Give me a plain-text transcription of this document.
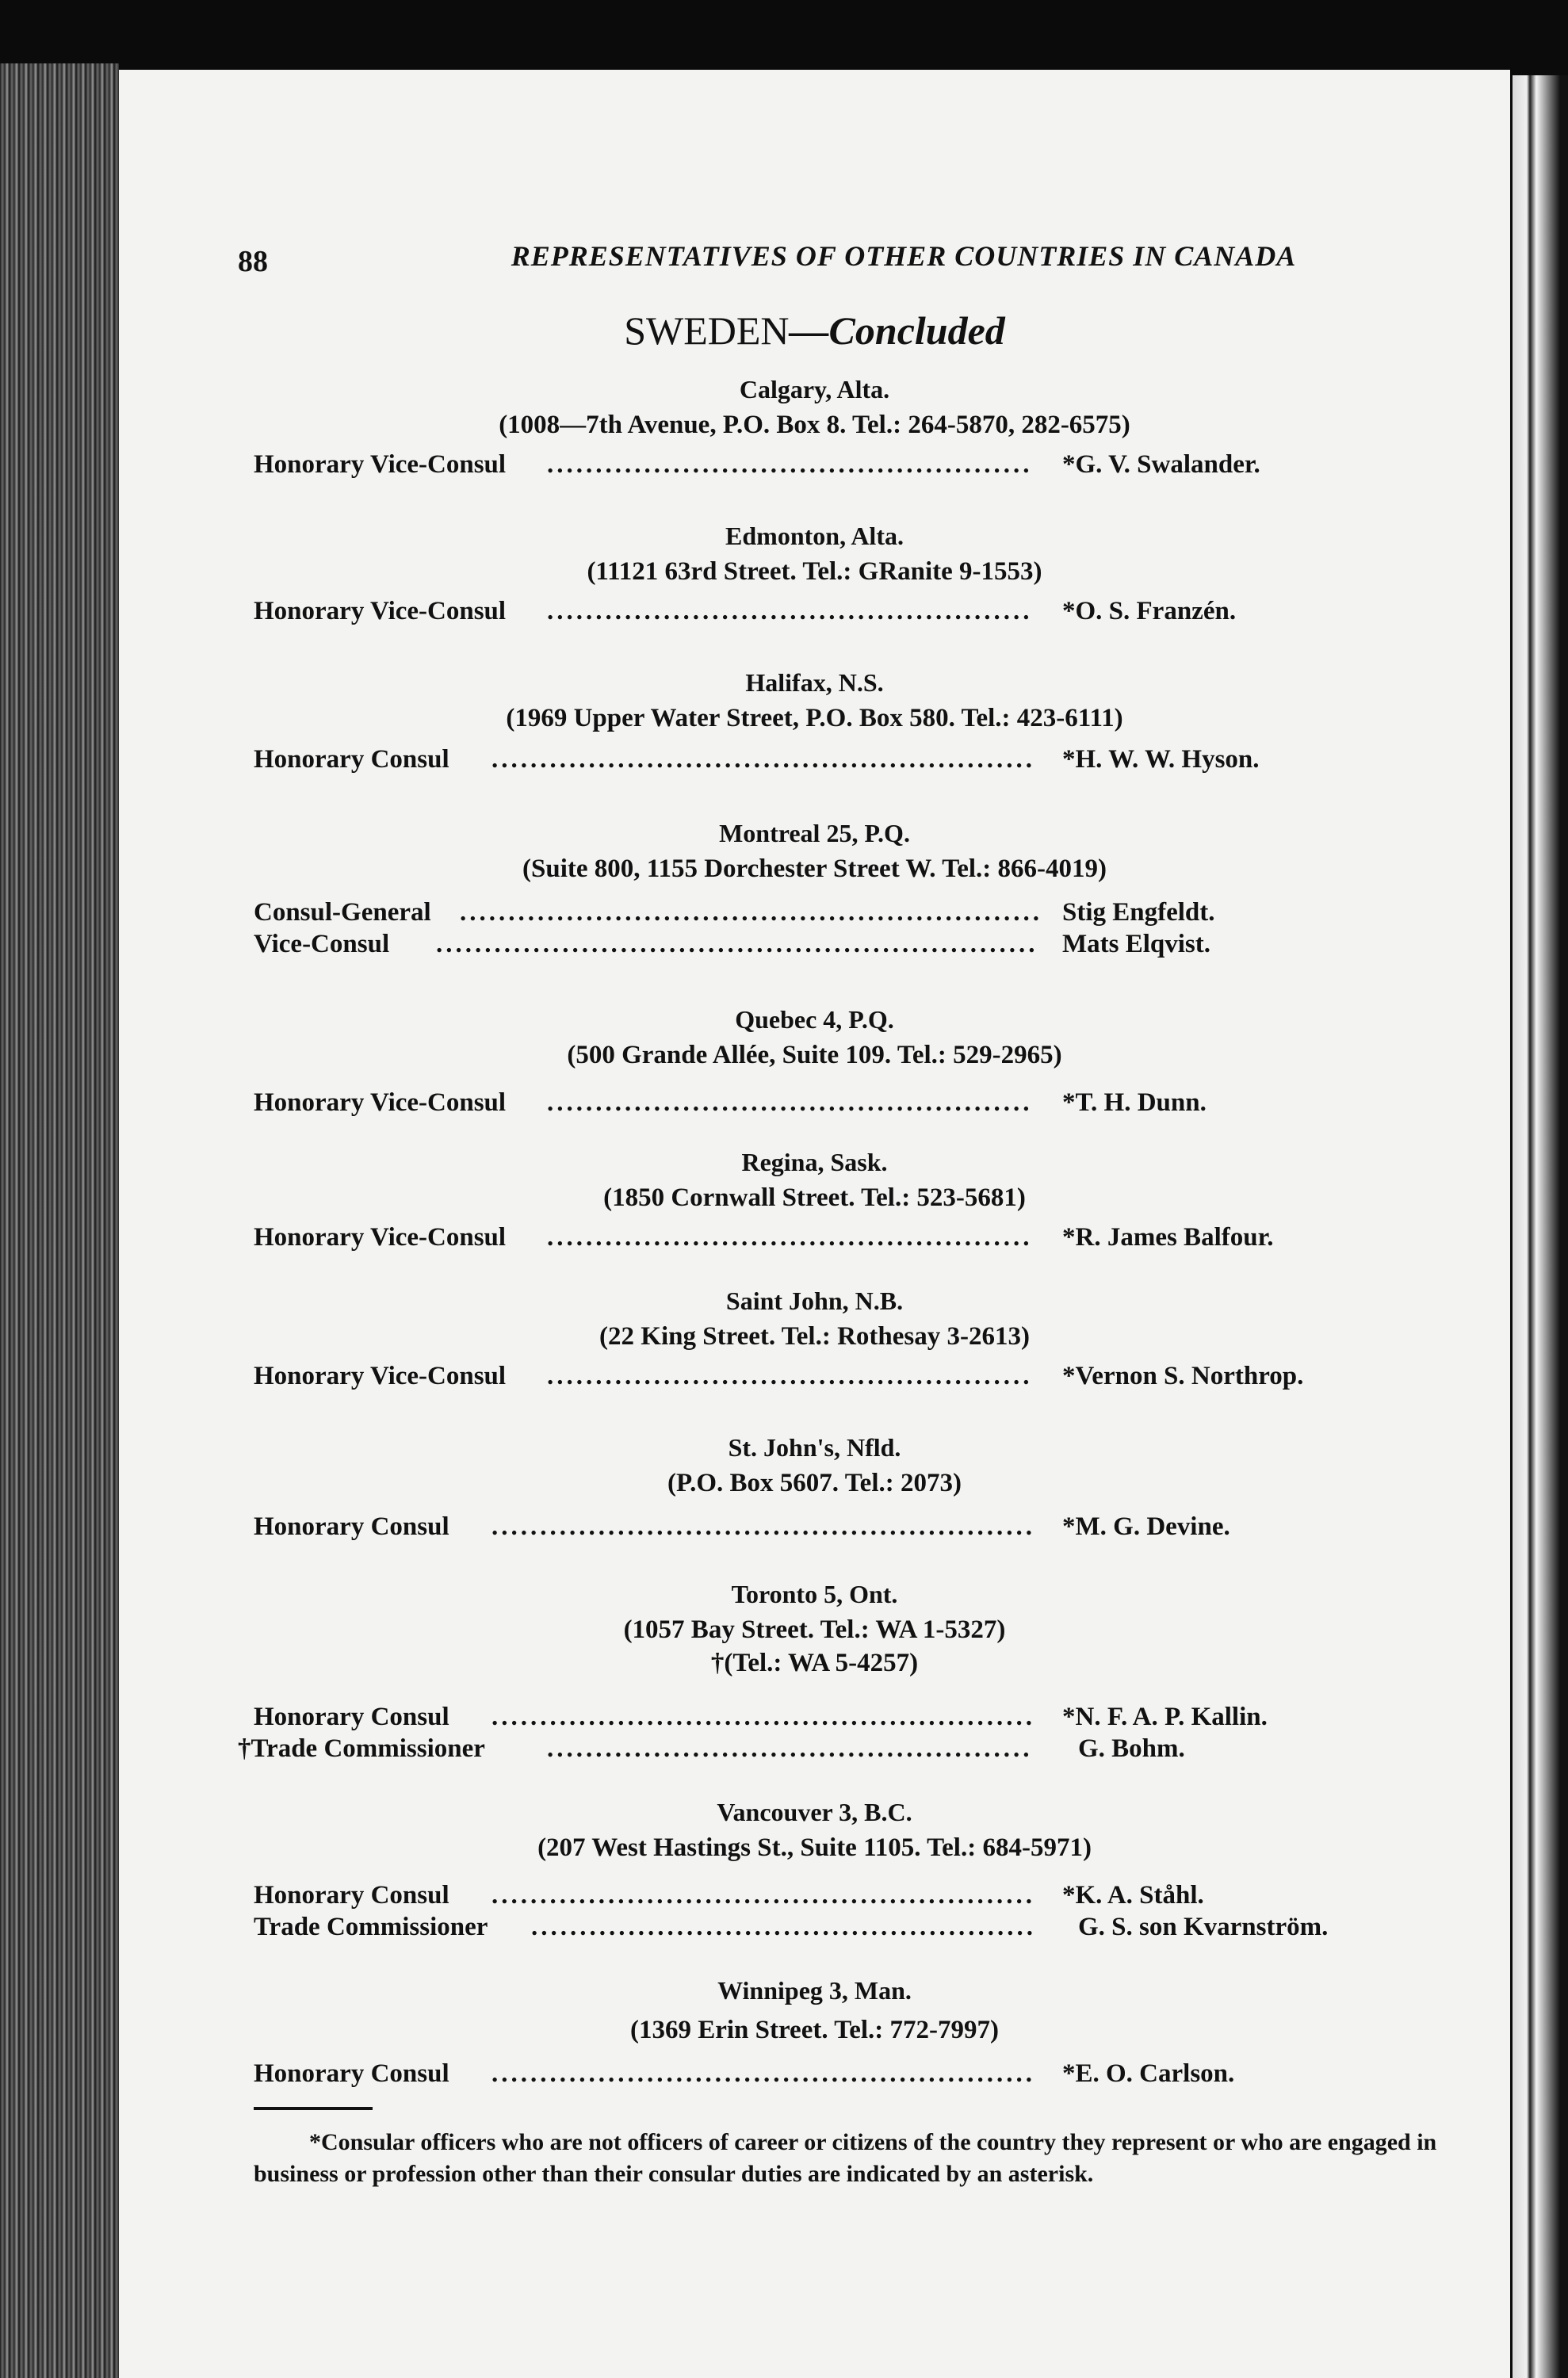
88	REPRESENTATIVES OF OTHER COUNTRIES IN CANADA
SWEDEN—Concluded
Calgary, Alta.
(1008—7th Avenue, P.O. Box 8. Tel.: 264-5870, 282-6575)
Honorary Vice-Consul ..................................................	*G. V. Swalander.
Edmonton, Alta.
(11121 63rd Street. Tel.: GRanite 9-1553)
Honorary Vice-Consul ..................................................	*O. S. Franzén.
Halifax, N.S.
(1969 Upper Water Street, P.O. Box 580. Tel.: 423-6111)
Honorary Consul ........................................................	*H. W. W. Hyson.
Montreal 25, P.Q.
(Suite 800, 1155 Dorchester Street W. Tel.: 866-4019)
Consul-General ............................................................ Stig Engfeldt.
Vice-Consul .............................................................. Mats Elqvist.
Quebec 4, P.Q.
(500 Grande Allée, Suite 109. Tel.: 529-2965)
Honorary Vice-Consul ..................................................	*T. H. Dunn.
Regina, Sask.
(1850 Cornwall Street. Tel.: 523-5681)
Honorary Vice-Consul ..................................................	*R. James Balfour.
Saint John, N.B.
(22 King Street. Tel.: Rothesay 3-2613)
Honorary Vice-Consul ..................................................	*Vernon S. Northrop.
St. John's, Nfld.
(P.O. Box 5607. Tel.: 2073)
Honorary Consul ........................................................	*M. G. Devine.
Toronto 5, Ont.
(1057 Bay Street. Tel.: WA 1-5327)
†(Tel.: WA 5-4257)
Honorary Consul ........................................................	*N. F. A. P. Kallin.
†Trade Commissioner ..................................................	G. Bohm.
Vancouver 3, B.C.
(207 West Hastings St., Suite 1105. Tel.: 684-5971)
Honorary Consul ........................................................	*K. A. Ståhl.
Trade Commissioner ....................................................	G. S. son Kvarnström.
Winnipeg 3, Man.
(1369 Erin Street. Tel.: 772-7997)
Honorary Consul ........................................................	*E. O. Carlson.
*Consular officers who are not officers of career or citizens of the country they represent or who are engaged in business or profession other than their consular duties are indicated by an asterisk.
